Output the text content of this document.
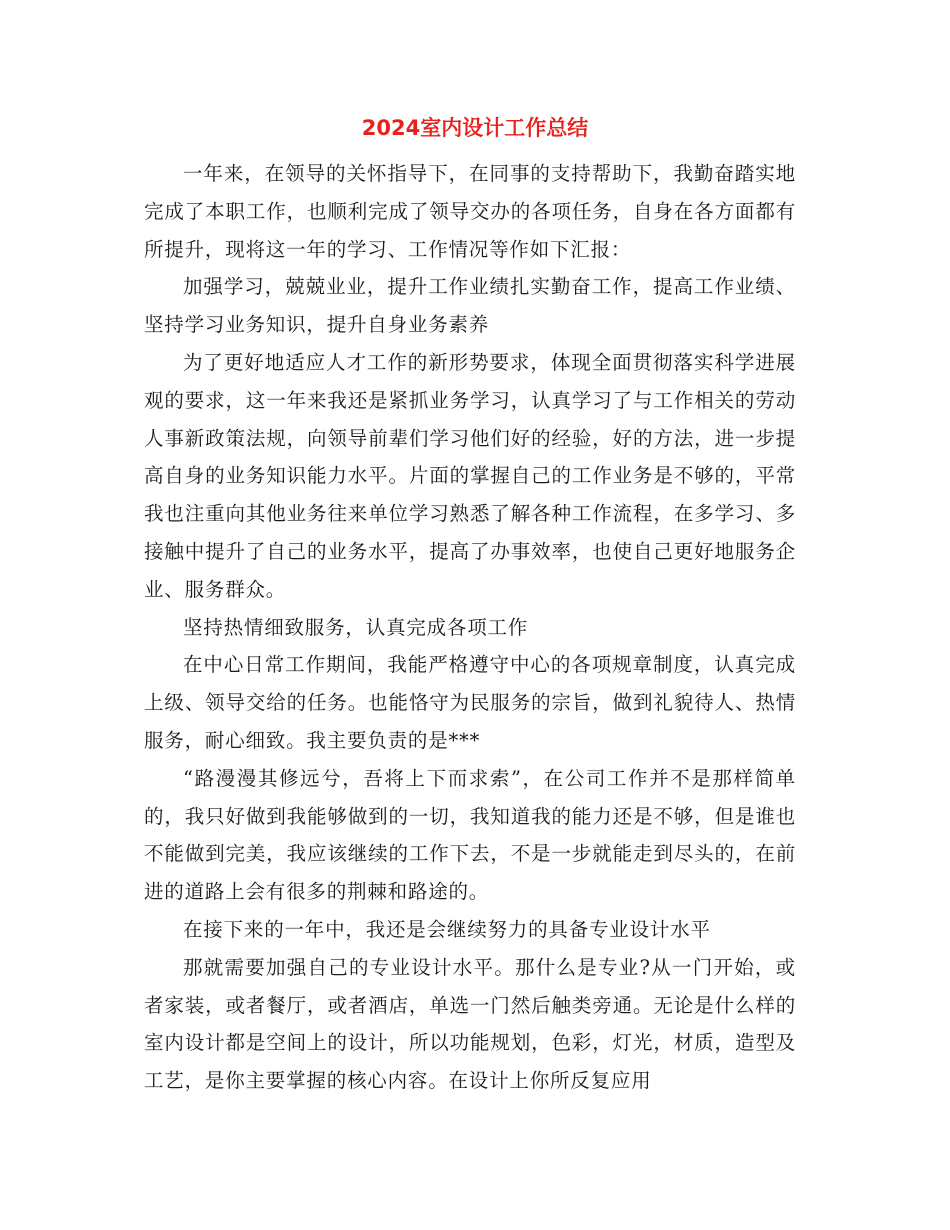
2024室内设计工作总结

一年来，在领导的关怀指导下，在同事的支持帮助下，我勤奋踏实地完成了本职工作，也顺利完成了领导交办的各项任务，自身在各方面都有所提升，现将这一年的学习、工作情况等作如下汇报：

加强学习，兢兢业业，提升工作业绩扎实勤奋工作，提高工作业绩、坚持学习业务知识，提升自身业务素养

为了更好地适应人才工作的新形势要求，体现全面贯彻落实科学进展观的要求，这一年来我还是紧抓业务学习，认真学习了与工作相关的劳动人事新政策法规，向领导前辈们学习他们好的经验，好的方法，进一步提高自身的业务知识能力水平。片面的掌握自己的工作业务是不够的，平常我也注重向其他业务往来单位学习熟悉了解各种工作流程，在多学习、多接触中提升了自己的业务水平，提高了办事效率，也使自己更好地服务企业、服务群众。

坚持热情细致服务，认真完成各项工作

在中心日常工作期间，我能严格遵守中心的各项规章制度，认真完成上级、领导交给的任务。也能恪守为民服务的宗旨，做到礼貌待人、热情服务，耐心细致。我主要负责的是***

“路漫漫其修远兮，吾将上下而求索”，在公司工作并不是那样简单的，我只好做到我能够做到的一切，我知道我的能力还是不够，但是谁也不能做到完美，我应该继续的工作下去，不是一步就能走到尽头的，在前进的道路上会有很多的荆棘和路途的。

在接下来的一年中，我还是会继续努力的具备专业设计水平

那就需要加强自己的专业设计水平。那什么是专业?从一门开始，或者家装，或者餐厅，或者酒店，单选一门然后触类旁通。无论是什么样的室内设计都是空间上的设计，所以功能规划，色彩，灯光，材质，造型及工艺，是你主要掌握的核心内容。在设计上你所反复应用
